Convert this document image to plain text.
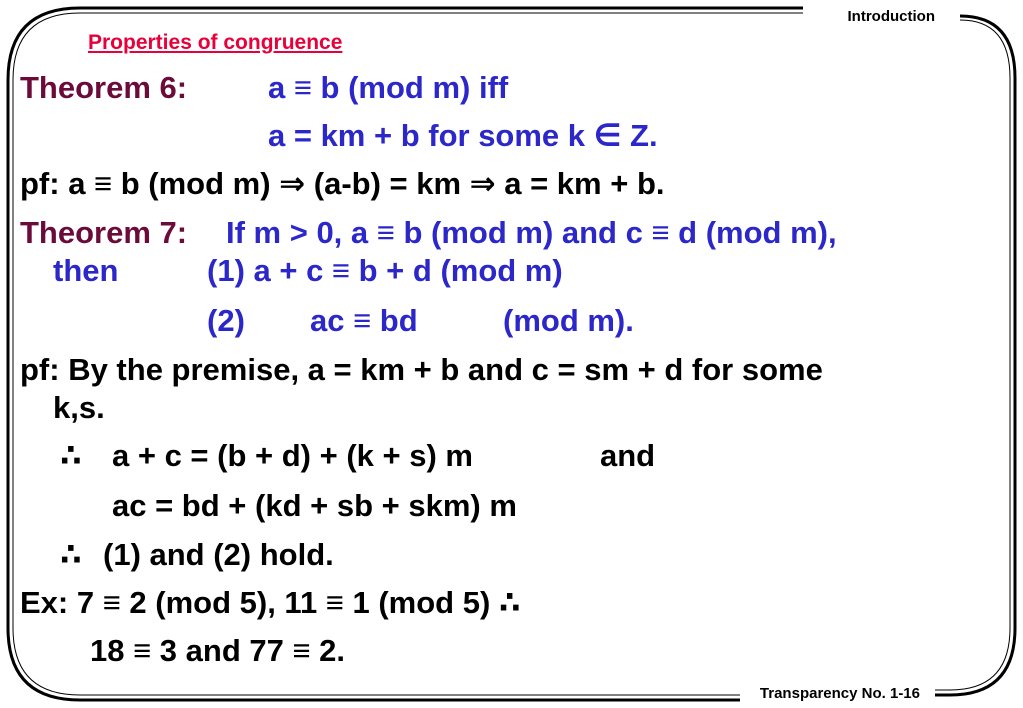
Introduction
Transparency No. 1-16
Properties of congruence
Theorem 6:	a ≡ b (mod m) iff
a = km + b for some k ∈ Z.
pf: a ≡ b (mod m) ⇒ (a-b) = km ⇒ a = km + b.
Theorem 7: If m > 0, a ≡ b (mod m) and c ≡ d (mod m),
then	(1) a + c ≡ b + d (mod m)
(2) ac ≡ bd	(mod m).
pf: By the premise, a = km + b and c = sm + d for some
k,s.
∴ a + c = (b + d) + (k + s) m	and
ac = bd + (kd + sb + skm) m
∴ (1) and (2) hold.
Ex: 7 ≡ 2 (mod 5), 11 ≡ 1 (mod 5) ∴
18 ≡ 3 and 77 ≡ 2.
